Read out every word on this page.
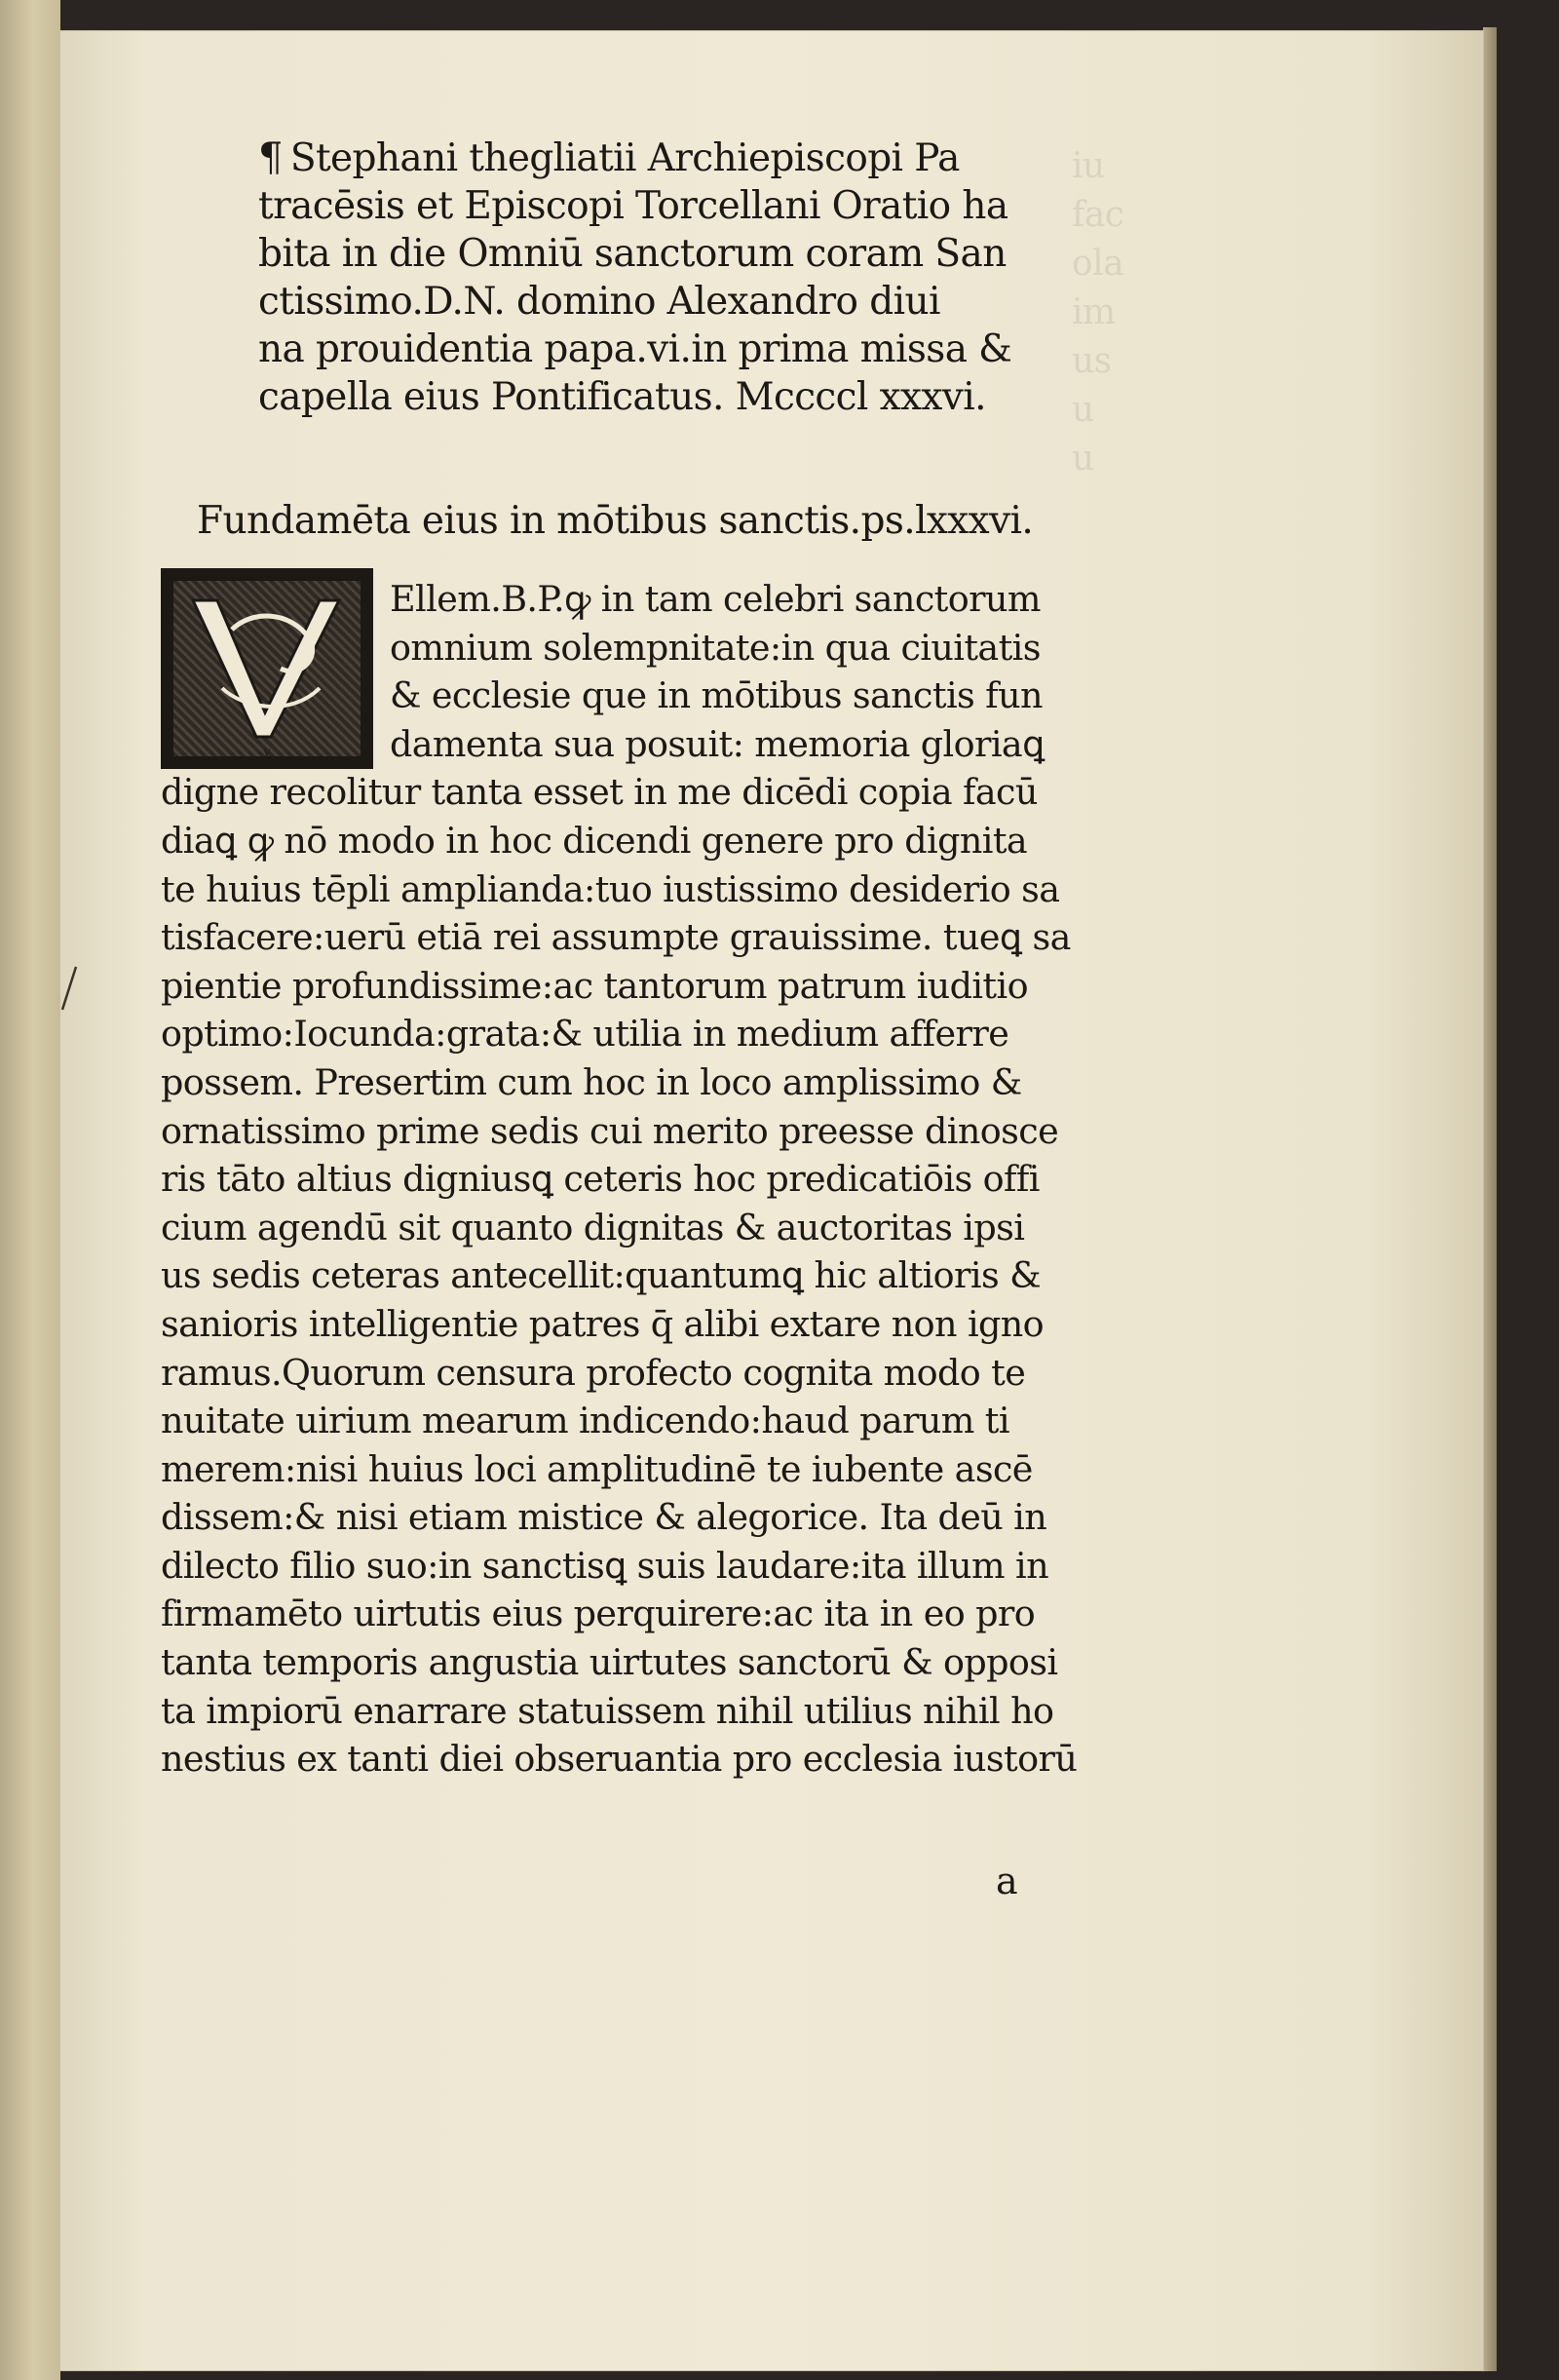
iu
fac
ola
im
us
u
u
¶ Stephani thegliatii Archiepiscopi Pa
tracēsis et Episcopi Torcellani Oratio ha
bita in die Omniū sanctorum coram San
ctissimo.D.N. domino Alexandro diui
na prouidentia papa.vi.in prima missa &
capella eius Pontificatus. Mccccl xxxvi.
Fundamēta eius in mōtibus sanctis.ps.lxxxvi.
V
Ellem.B.P.ꝙ in tam celebri sanctorum
omnium solempnitate:in qua ciuitatis
& ecclesie que in mōtibus sanctis fun
damenta sua posuit: memoria gloriaꝗ
digne recolitur tanta esset in me dicēdi copia facū
diaꝗ ꝙ nō modo in hoc dicendi genere pro dignita
te huius tēpli amplianda:tuo iustissimo desiderio sa
tisfacere:uerū etiā rei assumpte grauissime. tueꝗ sa
pientie profundissime:ac tantorum patrum iuditio
optimo:Iocunda:grata:& utilia in medium afferre
possem. Presertim cum hoc in loco amplissimo &
ornatissimo prime sedis cui merito preesse dinosce
ris tāto altius digniusꝗ ceteris hoc predicatiōis offi
cium agendū sit quanto dignitas & auctoritas ipsi
us sedis ceteras antecellit:quantumꝗ hic altioris &
sanioris intelligentie patres q̄ alibi extare non igno
ramus.Quorum censura profecto cognita modo te
nuitate uirium mearum indicendo:haud parum ti
merem:nisi huius loci amplitudinē te iubente ascē
dissem:& nisi etiam mistice & alegorice. Ita deū in
dilecto filio suo:in sanctisꝗ suis laudare:ita illum in
firmamēto uirtutis eius perquirere:ac ita in eo pro
tanta temporis angustia uirtutes sanctorū & opposi
ta impiorū enarrare statuissem nihil utilius nihil ho
nestius ex tanti diei obseruantia pro ecclesia iustorū
a
